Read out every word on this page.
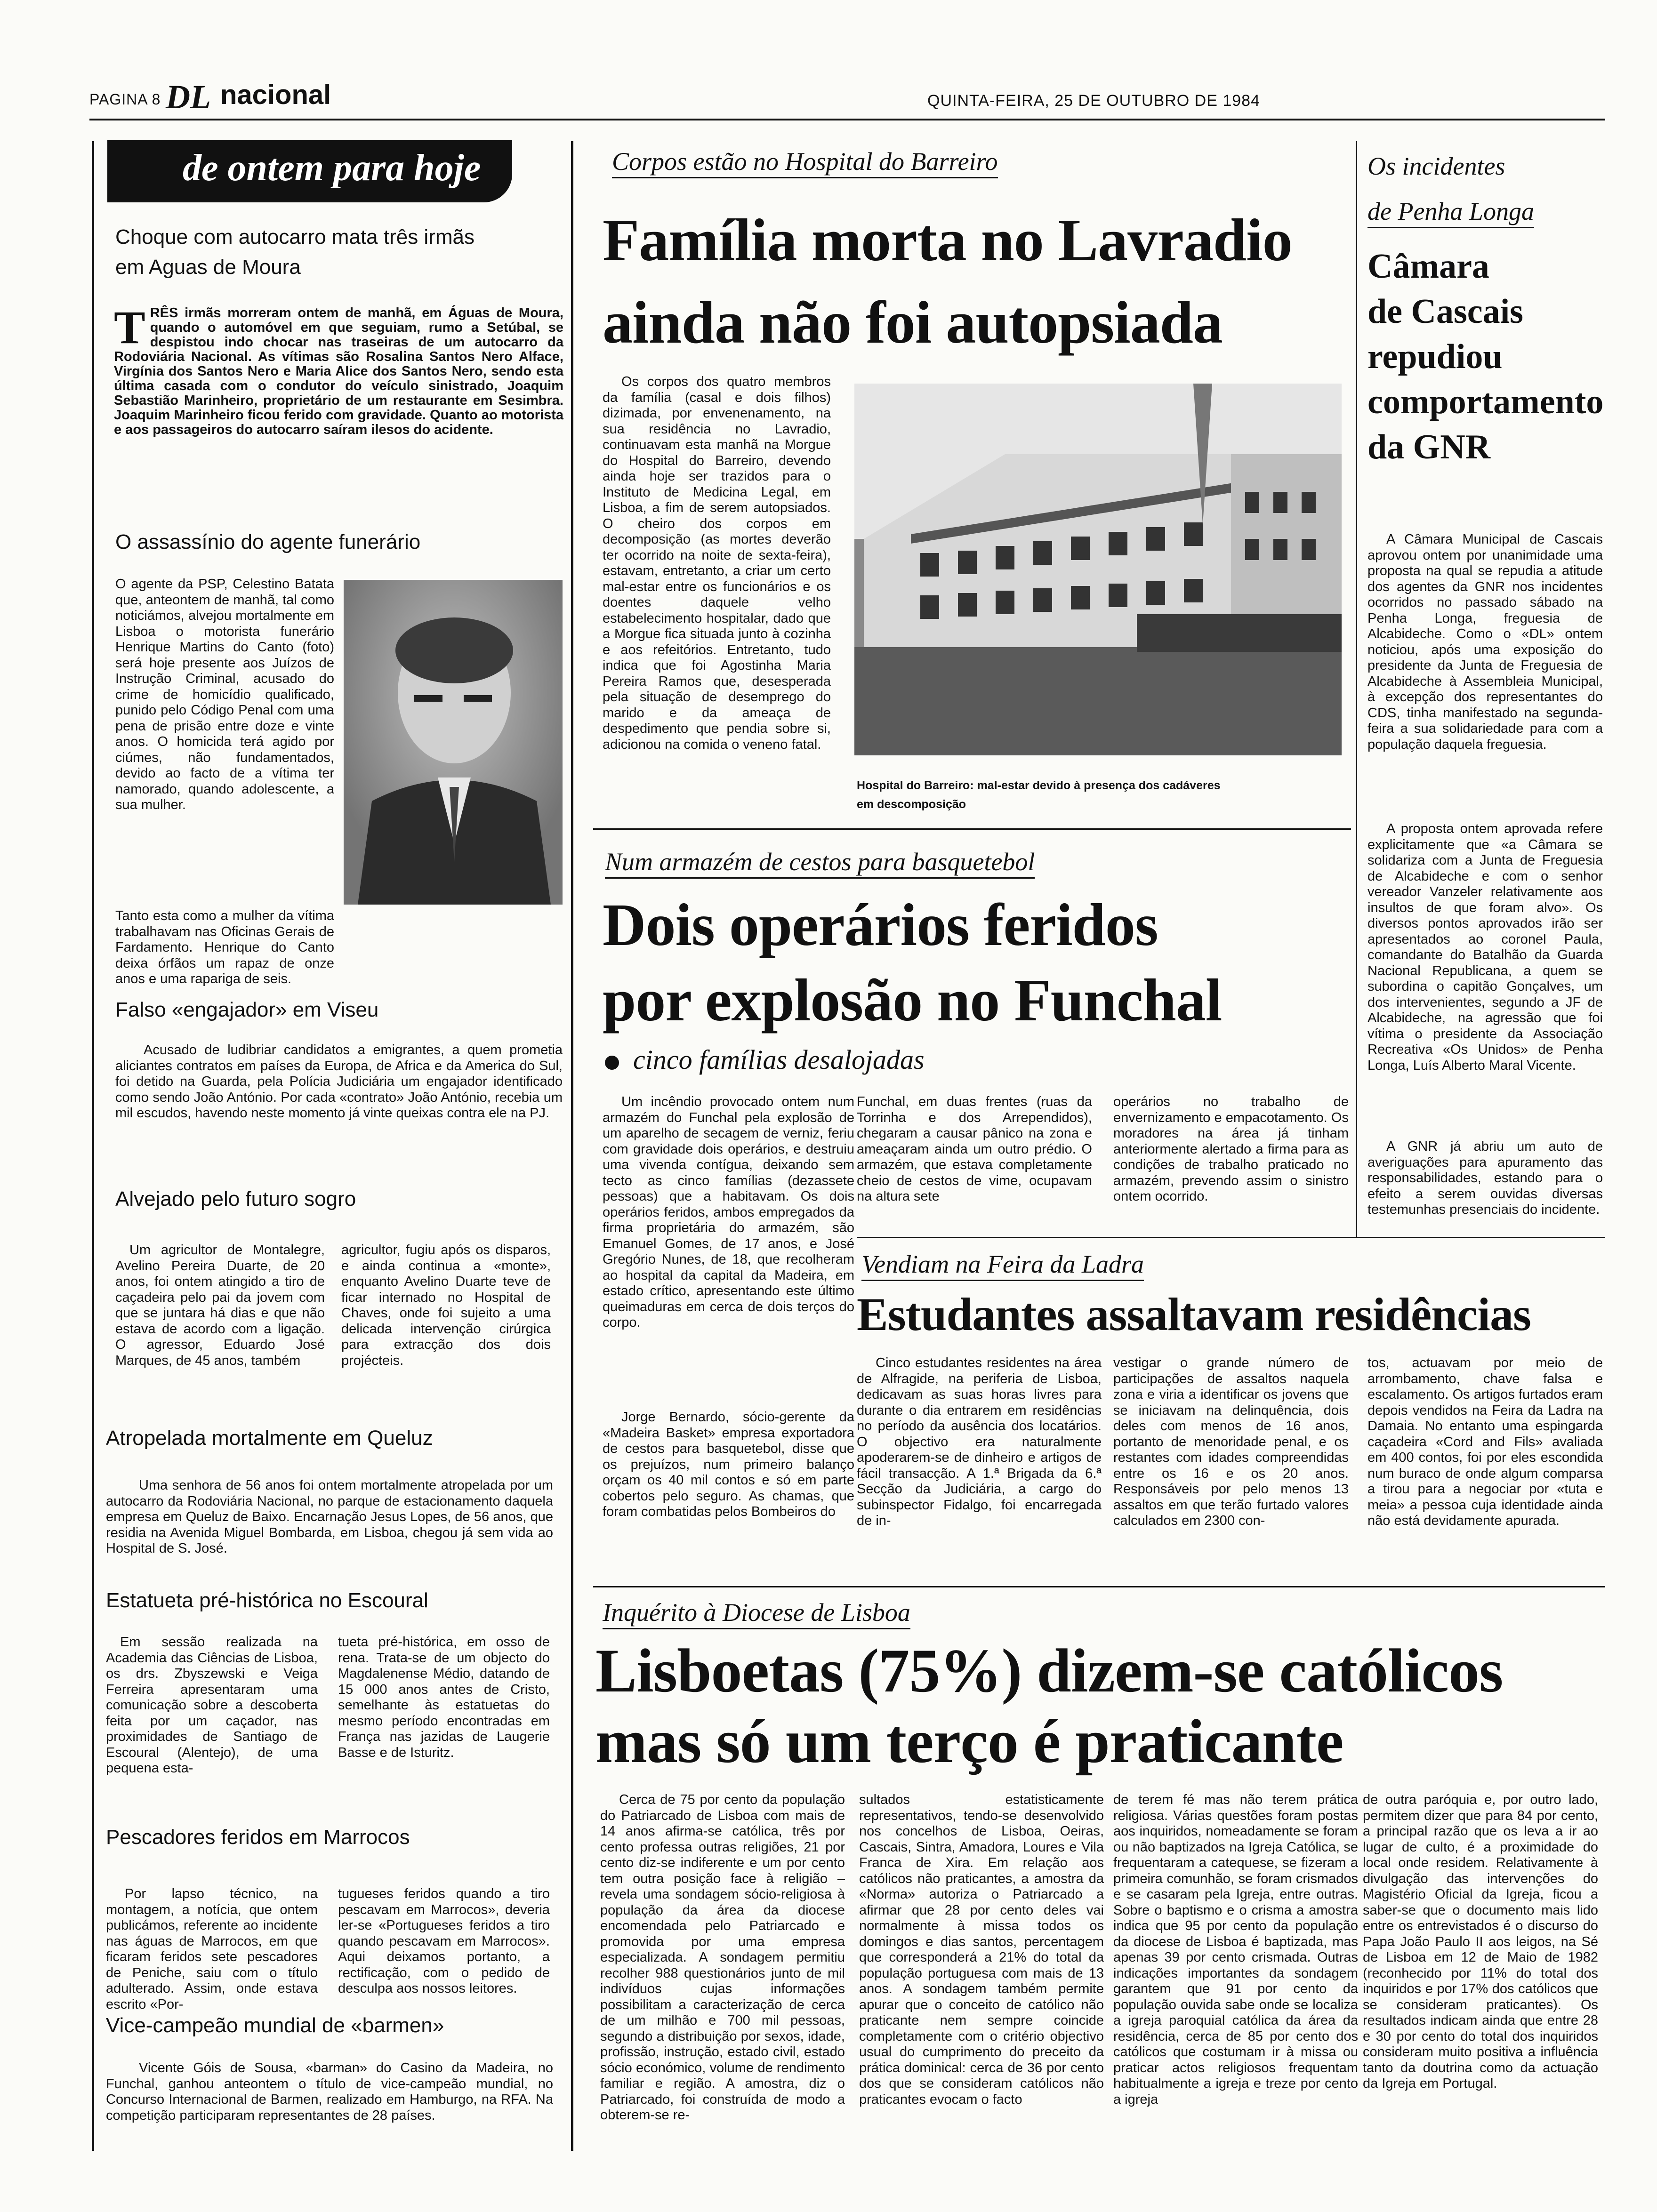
PAGINA 8 DL nacional	QUINTA-FEIRA, 25 DE OUTUBRO DE 1984
de ontem para hoje
Choque com autocarro mata três irmãs
em Aguas de Moura
TRÊS irmãs morreram ontem de manhã, em Águas de Moura, quando o automóvel em que seguiam, rumo a Setúbal, se despistou indo chocar nas traseiras de um autocarro da Rodoviária Nacional. As vítimas são Rosalina Santos Nero Alface, Virgínia dos Santos Nero e Maria Alice dos Santos Nero, sendo esta última casada com o condutor do veículo sinistrado, Joaquim Sebastião Marinheiro, proprietário de um restaurante em Sesimbra. Joaquim Marinheiro ficou ferido com gravidade. Quanto ao motorista e aos passageiros do autocarro saíram ilesos do acidente.
O assassínio do agente funerário
O agente da PSP, Celestino Batata que, anteontem de manhã, tal como noticiámos, alvejou mortalmente em Lisboa o motorista funerário Henrique Martins do Canto (foto) será hoje presente aos Juízos de Instrução Criminal, acusado do crime de homicídio qualificado, punido pelo Código Penal com uma pena de prisão entre doze e vinte anos. O homicida terá agido por ciúmes, não fundamentados, devido ao facto de a vítima ter namorado, quando adolescente, a sua mulher.
Tanto esta como a mulher da vítima trabalhavam nas Oficinas Gerais de Fardamento. Henrique do Canto deixa órfãos um rapaz de onze anos e uma rapariga de seis.
Falso «engajador» em Viseu
Acusado de ludibriar candidatos a emigrantes, a quem prometia aliciantes contratos em países da Europa, de Africa e da America do Sul, foi detido na Guarda, pela Polícia Judiciária um engajador identificado como sendo João António. Por cada «contrato» João António, recebia um mil escudos, havendo neste momento já vinte queixas contra ele na PJ.
Alvejado pelo futuro sogro
Um agricultor de Montalegre, Avelino Pereira Duarte, de 20 anos, foi ontem atingido a tiro de caçadeira pelo pai da jovem com que se juntara há dias e que não estava de acordo com a ligação. O agressor, Eduardo José Marques, de 45 anos, também
agricultor, fugiu após os disparos, e ainda continua a «monte», enquanto Avelino Duarte teve de ficar internado no Hospital de Chaves, onde foi sujeito a uma delicada intervenção cirúrgica para extracção dos dois projécteis.
Atropelada mortalmente em Queluz
Uma senhora de 56 anos foi ontem mortalmente atropelada por um autocarro da Rodoviária Nacional, no parque de estacionamento daquela empresa em Queluz de Baixo. Encarnação Jesus Lopes, de 56 anos, que residia na Avenida Miguel Bombarda, em Lisboa, chegou já sem vida ao Hospital de S. José.
Estatueta pré-histórica no Escoural
Em sessão realizada na Academia das Ciências de Lisboa, os drs. Zbyszewski e Veiga Ferreira apresentaram uma comunicação sobre a descoberta feita por um caçador, nas proximidades de Santiago de Escoural (Alentejo), de uma pequena esta-
tueta pré-histórica, em osso de rena. Trata-se de um objecto do Magdalenense Médio, datando de 15 000 anos antes de Cristo, semelhante às estatuetas do mesmo período encontradas em França nas jazidas de Laugerie Basse e de Isturitz.
Pescadores feridos em Marrocos
Por lapso técnico, na montagem, a notícia, que ontem publicámos, referente ao incidente nas águas de Marrocos, em que ficaram feridos sete pescadores de Peniche, saiu com o título adulterado. Assim, onde estava escrito «Por-
tugueses feridos quando a tiro pescavam em Marrocos», deveria ler-se «Portugueses feridos a tiro quando pescavam em Marrocos». Aqui deixamos portanto, a rectificação, com o pedido de desculpa aos nossos leitores.
Vice-campeão mundial de «barmen»
Vicente Góis de Sousa, «barman» do Casino da Madeira, no Funchal, ganhou anteontem o título de vice-campeão mundial, no Concurso Internacional de Barmen, realizado em Hamburgo, na RFA. Na competição participaram representantes de 28 países.
Corpos estão no Hospital do Barreiro
Família morta no Lavradio
ainda não foi autopsiada
Os corpos dos quatro membros da família (casal e dois filhos) dizimada, por envenenamento, na sua residência no Lavradio, continuavam esta manhã na Morgue do Hospital do Barreiro, devendo ainda hoje ser trazidos para o Instituto de Medicina Legal, em Lisboa, a fim de serem autopsiados. O cheiro dos corpos em decomposição (as mortes deverão ter ocorrido na noite de sexta-feira), estavam, entretanto, a criar um certo mal-estar entre os funcionários e os doentes daquele velho estabelecimento hospitalar, dado que a Morgue fica situada junto à cozinha e aos refeitórios. Entretanto, tudo indica que foi Agostinha Maria Pereira Ramos que, desesperada pela situação de desemprego do marido e da ameaça de despedimento que pendia sobre si, adicionou na comida o veneno fatal.
Hospital do Barreiro: mal-estar devido à presença dos cadáveres
em descomposição
Os incidentes
de Penha Longa
Câmara
de Cascais
repudiou
comportamento
da GNR
A Câmara Municipal de Cascais aprovou ontem por unanimidade uma proposta na qual se repudia a atitude dos agentes da GNR nos incidentes ocorridos no passado sábado na Penha Longa, freguesia de Alcabideche. Como o «DL» ontem noticiou, após uma exposição do presidente da Junta de Freguesia de Alcabideche à Assembleia Municipal, à excepção dos representantes do CDS, tinha manifestado na segunda-feira a sua solidariedade para com a população daquela freguesia.
A proposta ontem aprovada refere explicitamente que «a Câmara se solidariza com a Junta de Freguesia de Alcabideche e com o senhor vereador Vanzeler relativamente aos insultos de que foram alvo». Os diversos pontos aprovados irão ser apresentados ao coronel Paula, comandante do Batalhão da Guarda Nacional Republicana, a quem se subordina o capitão Gonçalves, um dos intervenientes, segundo a JF de Alcabideche, na agressão que foi vítima o presidente da Associação Recreativa «Os Unidos» de Penha Longa, Luís Alberto Maral Vicente.
A GNR já abriu um auto de averiguações para apuramento das responsabilidades, estando para o efeito a serem ouvidas diversas testemunhas presenciais do incidente.
Num armazém de cestos para basquetebol
Dois operários feridos
por explosão no Funchal
cinco famílias desalojadas
Um incêndio provocado ontem num armazém do Funchal pela explosão de um aparelho de secagem de verniz, feriu com gravidade dois operários, e destruiu uma vivenda contígua, deixando sem tecto as cinco famílias (dezassete pessoas) que a habitavam. Os dois operários feridos, ambos empregados da firma proprietária do armazém, são Emanuel Gomes, de 17 anos, e José Gregório Nunes, de 18, que recolheram ao hospital da capital da Madeira, em estado crítico, apresentando este último queimaduras em cerca de dois terços do corpo.
Jorge Bernardo, sócio-gerente da «Madeira Basket» empresa exportadora de cestos para basquetebol, disse que os prejuízos, num primeiro balanço orçam os 40 mil contos e só em parte cobertos pelo seguro. As chamas, que foram combatidas pelos Bombeiros do
Funchal, em duas frentes (ruas da Torrinha e dos Arrependidos), chegaram a causar pânico na zona e ameaçaram ainda um outro prédio. O armazém, que estava completamente cheio de cestos de vime, ocupavam na altura sete
operários no trabalho de envernizamento e empacotamento. Os moradores na área já tinham anteriormente alertado a firma para as condições de trabalho praticado no armazém, prevendo assim o sinistro ontem ocorrido.
Vendiam na Feira da Ladra
Estudantes assaltavam residências
Cinco estudantes residentes na área de Alfragide, na periferia de Lisboa, dedicavam as suas horas livres para durante o dia entrarem em residências no período da ausência dos locatários. O objectivo era naturalmente apoderarem-se de dinheiro e artigos de fácil transacção. A 1.ª Brigada da 6.ª Secção da Judiciária, a cargo do subinspector Fidalgo, foi encarregada de in-
vestigar o grande número de participações de assaltos naquela zona e viria a identificar os jovens que se iniciavam na delinquência, dois deles com menos de 16 anos, portanto de menoridade penal, e os restantes com idades compreendidas entre os 16 e os 20 anos. Responsáveis por pelo menos 13 assaltos em que terão furtado valores calculados em 2300 con-
tos, actuavam por meio de arrombamento, chave falsa e escalamento. Os artigos furtados eram depois vendidos na Feira da Ladra na Damaia. No entanto uma espingarda caçadeira «Cord and Fils» avaliada em 400 contos, foi por eles escondida num buraco de onde algum comparsa a tirou para a negociar por «tuta e meia» a pessoa cuja identidade ainda não está devidamente apurada.
Inquérito à Diocese de Lisboa
Lisboetas (75%) dizem-se católicos
mas só um terço é praticante
Cerca de 75 por cento da população do Patriarcado de Lisboa com mais de 14 anos afirma-se católica, três por cento professa outras religiões, 21 por cento diz-se indiferente e um por cento tem outra posição face à religião – revela uma sondagem sócio-religiosa à população da área da diocese encomendada pelo Patriarcado e promovida por uma empresa especializada. A sondagem permitiu recolher 988 questionários junto de mil indivíduos cujas informações possibilitam a caracterização de cerca de um milhão e 700 mil pessoas, segundo a distribuição por sexos, idade, profissão, instrução, estado civil, estado sócio económico, volume de rendimento familiar e região. A amostra, diz o Patriarcado, foi construída de modo a obterem-se re-
sultados estatisticamente representativos, tendo-se desenvolvido nos concelhos de Lisboa, Oeiras, Cascais, Sintra, Amadora, Loures e Vila Franca de Xira. Em relação aos católicos não praticantes, a amostra da «Norma» autoriza o Patriarcado a afirmar que 28 por cento deles vai normalmente à missa todos os domingos e dias santos, percentagem que corresponderá a 21% do total da população portuguesa com mais de 13 anos. A sondagem também permite apurar que o conceito de católico não praticante nem sempre coincide completamente com o critério objectivo usual do cumprimento do preceito da prática dominical: cerca de 36 por cento dos que se consideram católicos não praticantes evocam o facto
de terem fé mas não terem prática religiosa. Várias questões foram postas aos inquiridos, nomeadamente se foram ou não baptizados na Igreja Católica, se frequentaram a catequese, se fizeram a primeira comunhão, se foram crismados e se casaram pela Igreja, entre outras. Sobre o baptismo e o crisma a amostra indica que 95 por cento da população da diocese de Lisboa é baptizada, mas apenas 39 por cento crismada. Outras indicações importantes da sondagem garantem que 91 por cento da população ouvida sabe onde se localiza a igreja paroquial católica da área da residência, cerca de 85 por cento dos católicos que costumam ir à missa ou praticar actos religiosos frequentam habitualmente a igreja e treze por cento a igreja
de outra paróquia e, por outro lado, permitem dizer que para 84 por cento, a principal razão que os leva a ir ao lugar de culto, é a proximidade do local onde residem. Relativamente à divulgação das intervenções do Magistério Oficial da Igreja, ficou a saber-se que o documento mais lido entre os entrevistados é o discurso do Papa João Paulo II aos leigos, na Sé de Lisboa em 12 de Maio de 1982 (reconhecido por 11% do total dos inquiridos e por 17% dos católicos que se consideram praticantes). Os resultados indicam ainda que entre 28 e 30 por cento do total dos inquiridos consideram muito positiva a influência tanto da doutrina como da actuação da Igreja em Portugal.
